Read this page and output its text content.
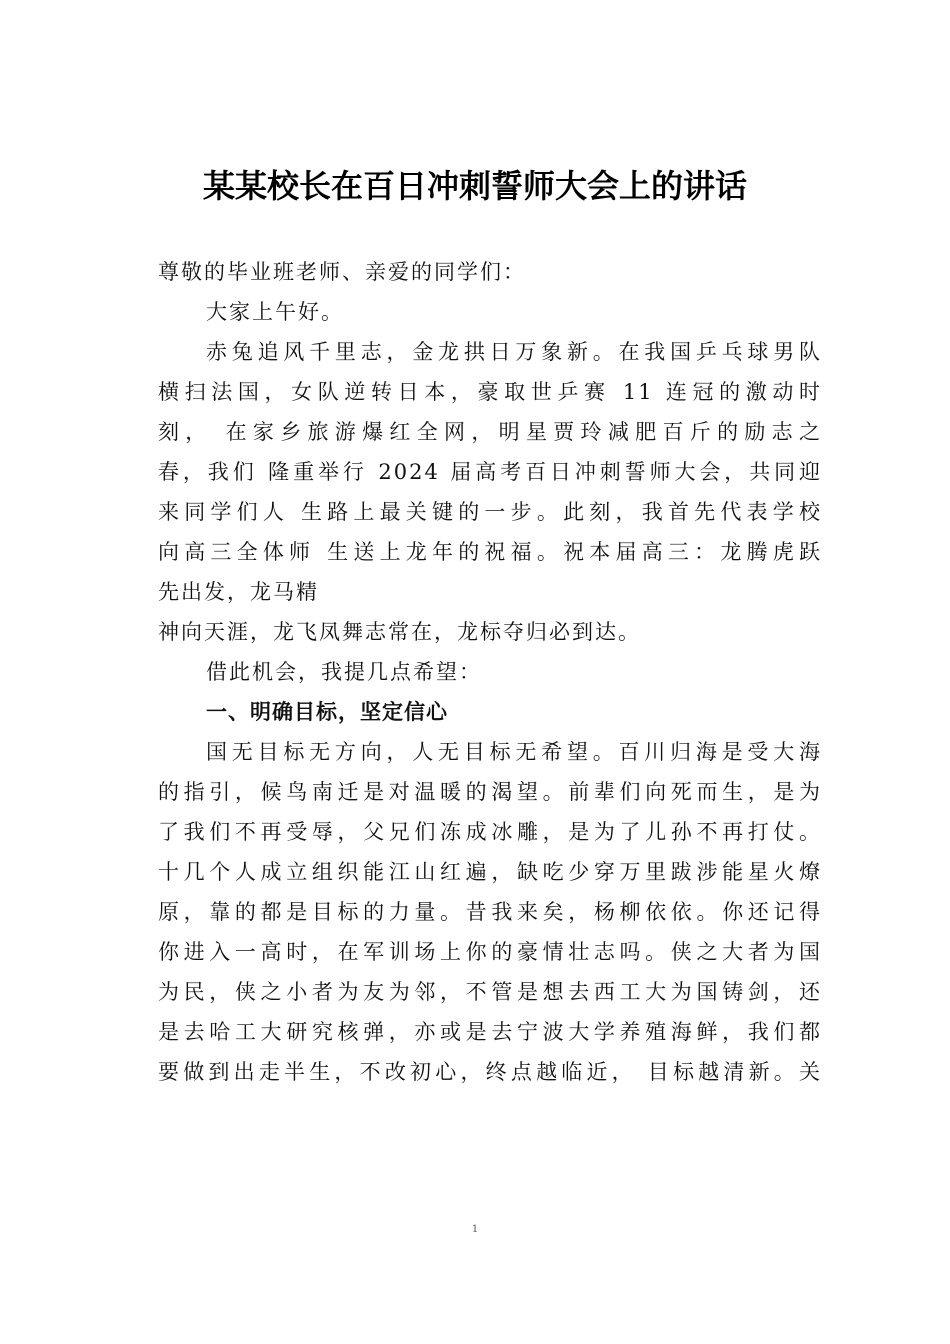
某某校长在百日冲刺誓师大会上的讲话
尊敬的毕业班老师、亲爱的同学们：
大家上午好。
赤兔追风千里志，金龙拱日万象新。在我国乒乓球男队
横扫法国，女队逆转日本，豪取世乒赛 11 连冠的激动时
刻， 在家乡旅游爆红全网，明星贾玲减肥百斤的励志之
春，我们 隆重举行 2024 届高考百日冲刺誓师大会，共同迎
来同学们人 生路上最关键的一步。此刻，我首先代表学校
向高三全体师 生送上龙年的祝福。祝本届高三：龙腾虎跃
先出发，龙马精
神向天涯，龙飞凤舞志常在，龙标夺归必到达。
借此机会，我提几点希望：
一、明确目标，坚定信心
国无目标无方向，人无目标无希望。百川归海是受大海
的指引，候鸟南迁是对温暖的渴望。前辈们向死而生，是为
了我们不再受辱，父兄们冻成冰雕，是为了儿孙不再打仗。
十几个人成立组织能江山红遍，缺吃少穿万里跋涉能星火燎
原，靠的都是目标的力量。昔我来矣，杨柳依依。你还记得
你进入一高时，在军训场上你的豪情壮志吗。侠之大者为国
为民，侠之小者为友为邻，不管是想去西工大为国铸剑，还
是去哈工大研究核弹，亦或是去宁波大学养殖海鲜，我们都
要做到出走半生，不改初心，终点越临近， 目标越清新。关
1
